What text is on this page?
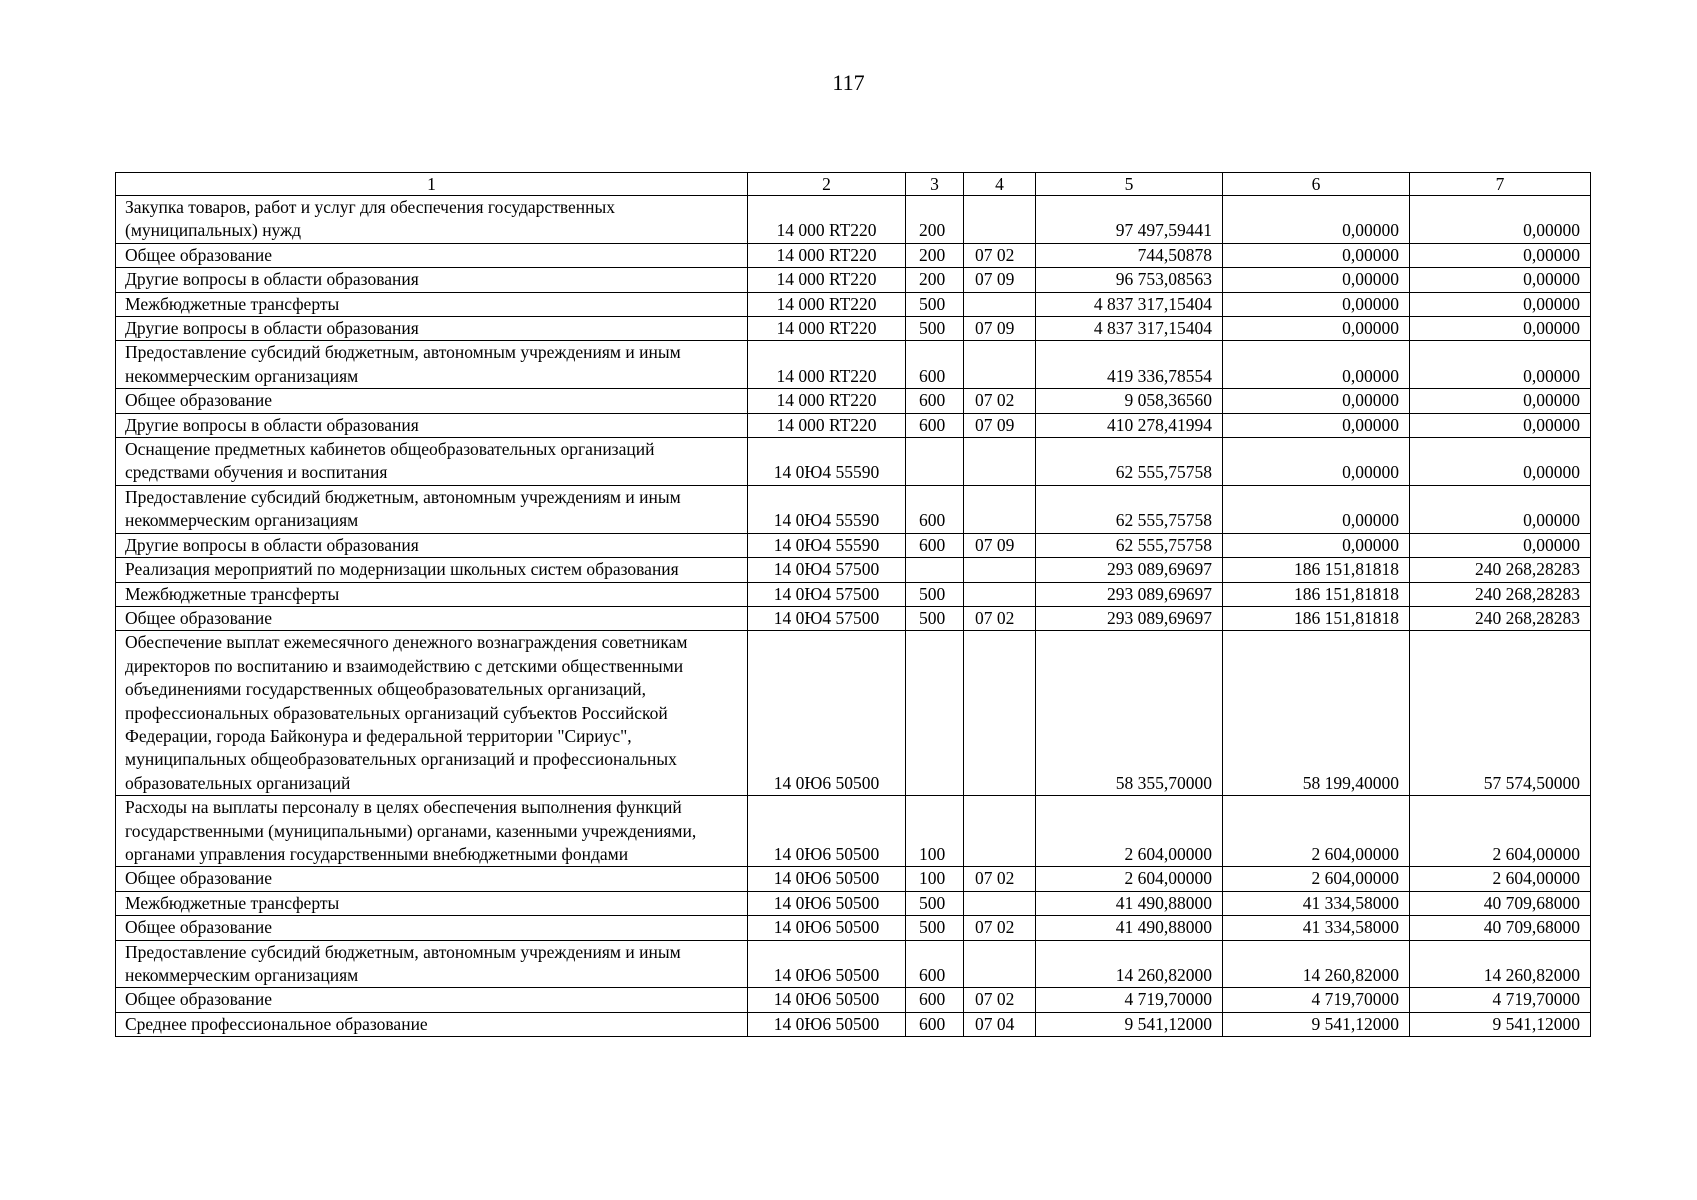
117
1	2	3	4	5	6	7
Закупка товаров, работ и услуг для обеспечения государственных (муниципальных) нужд	14 000 RT220	200		97 497,59441	0,00000	0,00000
Общее образование	14 000 RT220	200	07 02	744,50878	0,00000	0,00000
Другие вопросы в области образования	14 000 RT220	200	07 09	96 753,08563	0,00000	0,00000
Межбюджетные трансферты	14 000 RT220	500		4 837 317,15404	0,00000	0,00000
Другие вопросы в области образования	14 000 RT220	500	07 09	4 837 317,15404	0,00000	0,00000
Предоставление субсидий бюджетным, автономным учреждениям и иным некоммерческим организациям	14 000 RT220	600		419 336,78554	0,00000	0,00000
Общее образование	14 000 RT220	600	07 02	9 058,36560	0,00000	0,00000
Другие вопросы в области образования	14 000 RT220	600	07 09	410 278,41994	0,00000	0,00000
Оснащение предметных кабинетов общеобразовательных организаций средствами обучения и воспитания	14 0Ю4 55590			62 555,75758	0,00000	0,00000
Предоставление субсидий бюджетным, автономным учреждениям и иным некоммерческим организациям	14 0Ю4 55590	600		62 555,75758	0,00000	0,00000
Другие вопросы в области образования	14 0Ю4 55590	600	07 09	62 555,75758	0,00000	0,00000
Реализация мероприятий по модернизации школьных систем образования	14 0Ю4 57500			293 089,69697	186 151,81818	240 268,28283
Межбюджетные трансферты	14 0Ю4 57500	500		293 089,69697	186 151,81818	240 268,28283
Общее образование	14 0Ю4 57500	500	07 02	293 089,69697	186 151,81818	240 268,28283
Обеспечение выплат ежемесячного денежного вознаграждения советникам директоров по воспитанию и взаимодействию с детскими общественными объединениями государственных общеобразовательных организаций, профессиональных образовательных организаций субъектов Российской Федерации, города Байконура и федеральной территории "Сириус", муниципальных общеобразовательных организаций и профессиональных образовательных организаций	14 0Ю6 50500			58 355,70000	58 199,40000	57 574,50000
Расходы на выплаты персоналу в целях обеспечения выполнения функций государственными (муниципальными) органами, казенными учреждениями, органами управления государственными внебюджетными фондами	14 0Ю6 50500	100		2 604,00000	2 604,00000	2 604,00000
Общее образование	14 0Ю6 50500	100	07 02	2 604,00000	2 604,00000	2 604,00000
Межбюджетные трансферты	14 0Ю6 50500	500		41 490,88000	41 334,58000	40 709,68000
Общее образование	14 0Ю6 50500	500	07 02	41 490,88000	41 334,58000	40 709,68000
Предоставление субсидий бюджетным, автономным учреждениям и иным некоммерческим организациям	14 0Ю6 50500	600		14 260,82000	14 260,82000	14 260,82000
Общее образование	14 0Ю6 50500	600	07 02	4 719,70000	4 719,70000	4 719,70000
Среднее профессиональное образование	14 0Ю6 50500	600	07 04	9 541,12000	9 541,12000	9 541,12000
